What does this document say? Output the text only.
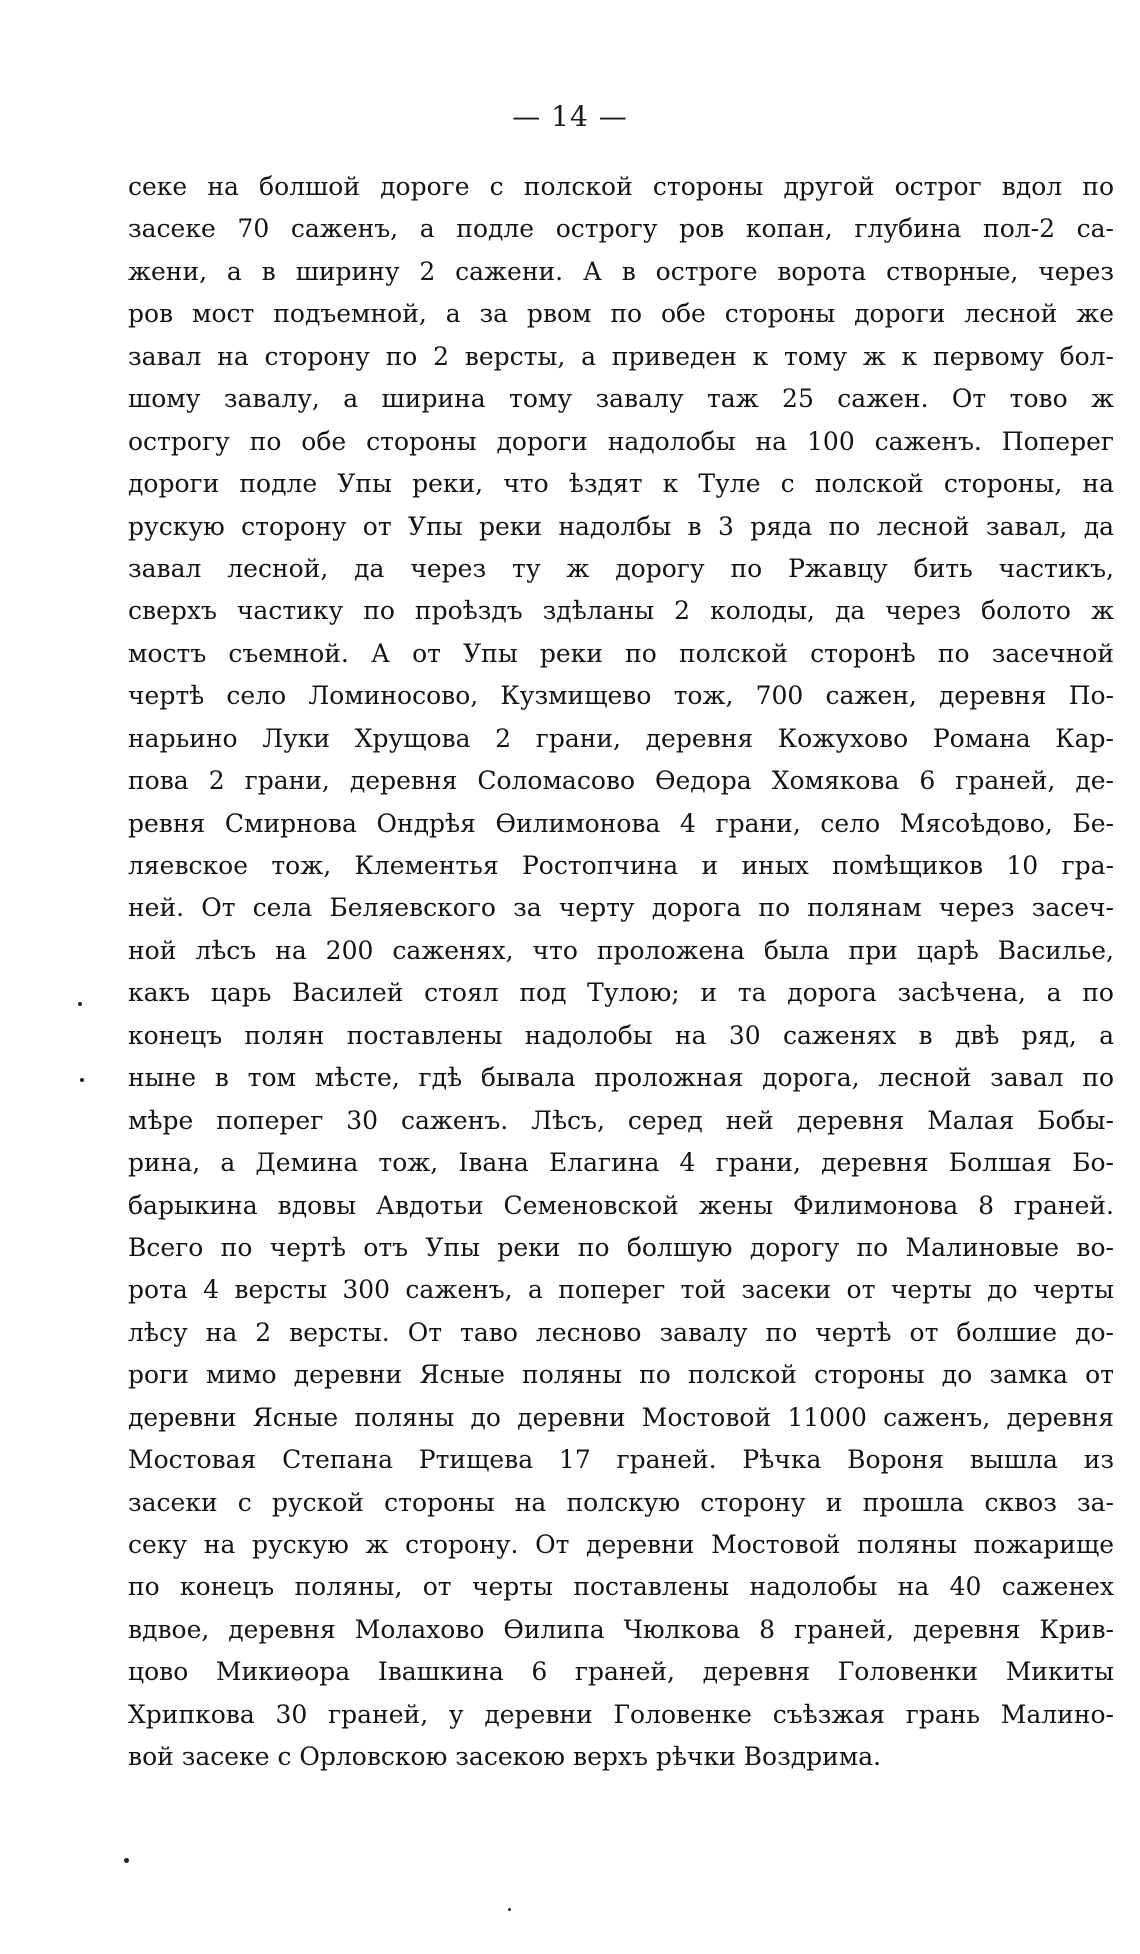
— 14 —
секе на болшой дороге с полской стороны другой острог вдол по
засеке 70 саженъ, а подле острогу ров копан, глубина пол-2 са-
жени, а в ширину 2 сажени. А в остроге ворота створные, через
ров мост подъемной, а за рвом по обе стороны дороги лесной же
завал на сторону по 2 версты, а приведен к тому ж к первому бол-
шому завалу, а ширина тому завалу таж 25 сажен. От тово ж
острогу по обе стороны дороги надолобы на 100 саженъ. Поперег
дороги подле Упы реки, что ѣздят к Туле с полской стороны, на
рускую сторону от Упы реки надолбы в 3 ряда по лесной завал, да
завал лесной, да через ту ж дорогу по Ржавцу бить частикъ,
сверхъ частику по проѣздъ здѣланы 2 колоды, да через болото ж
мостъ съемной. А от Упы реки по полской сторонѣ по засечной
чертѣ село Ломиносово, Кузмищево тож, 700 сажен, деревня По-
нарьино Луки Хрущова 2 грани, деревня Кожухово Романа Кар-
пова 2 грани, деревня Соломасово Ѳедора Хомякова 6 граней, де-
ревня Смирнова Ондрѣя Ѳилимонова 4 грани, село Мясоѣдово, Бе-
ляевское тож, Клементья Ростопчина и иных помѣщиков 10 гра-
ней. От села Беляевского за черту дорога по полянам через засеч-
ной лѣсъ на 200 саженях, что проложена была при царѣ Василье,
какъ царь Василей стоял под Тулою; и та дорога засѣчена, а по
конецъ полян поставлены надолобы на 30 саженях в двѣ ряд, а
ныне в том мѣсте, гдѣ бывала проложная дорога, лесной завал по
мѣре поперег 30 саженъ. Лѣсъ, серед ней деревня Малая Бобы-
рина, а Демина тож, Івана Елагина 4 грани, деревня Болшая Бо-
барыкина вдовы Авдотьи Семеновской жены Филимонова 8 граней.
Всего по чертѣ отъ Упы реки по болшую дорогу по Малиновые во-
рота 4 версты 300 саженъ, а поперег той засеки от черты до черты
лѣсу на 2 версты. От таво лесново завалу по чертѣ от болшие до-
роги мимо деревни Ясные поляны по полской стороны до замка от
деревни Ясные поляны до деревни Мостовой 11000 саженъ, деревня
Мостовая Степана Ртищева 17 граней. Рѣчка Вороня вышла из
засеки с руской стороны на полскую сторону и прошла сквоз за-
секу на рускую ж сторону. От деревни Мостовой поляны пожарище
по конецъ поляны, от черты поставлены надолобы на 40 саженех
вдвое, деревня Молахово Ѳилипа Чюлкова 8 граней, деревня Крив-
цово Микиѳора Івашкина 6 граней, деревня Головенки Микиты
Хрипкова 30 граней, у деревни Головенке съѣзжая грань Малино-
вой засеке с Орловскою засекою верхъ рѣчки Воздрима.
